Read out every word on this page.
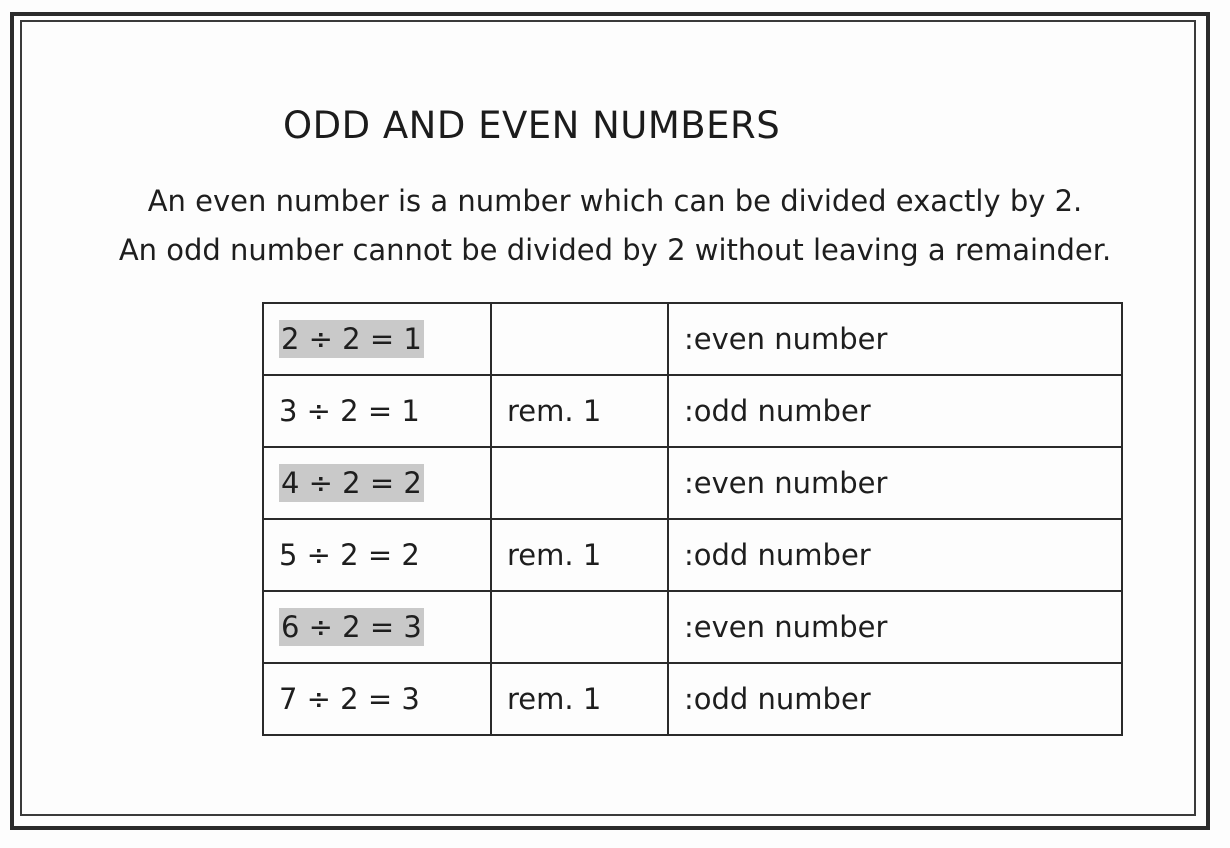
ODD AND EVEN NUMBERS

An even number is a number which can be divided exactly by 2.

An odd number cannot be divided by 2 without leaving a remainder.

2 ÷ 2 = 1		:even number
3 ÷ 2 = 1	rem. 1	:odd number
4 ÷ 2 = 2		:even number
5 ÷ 2 = 2	rem. 1	:odd number
6 ÷ 2 = 3		:even number
7 ÷ 2 = 3	rem. 1	:odd number
